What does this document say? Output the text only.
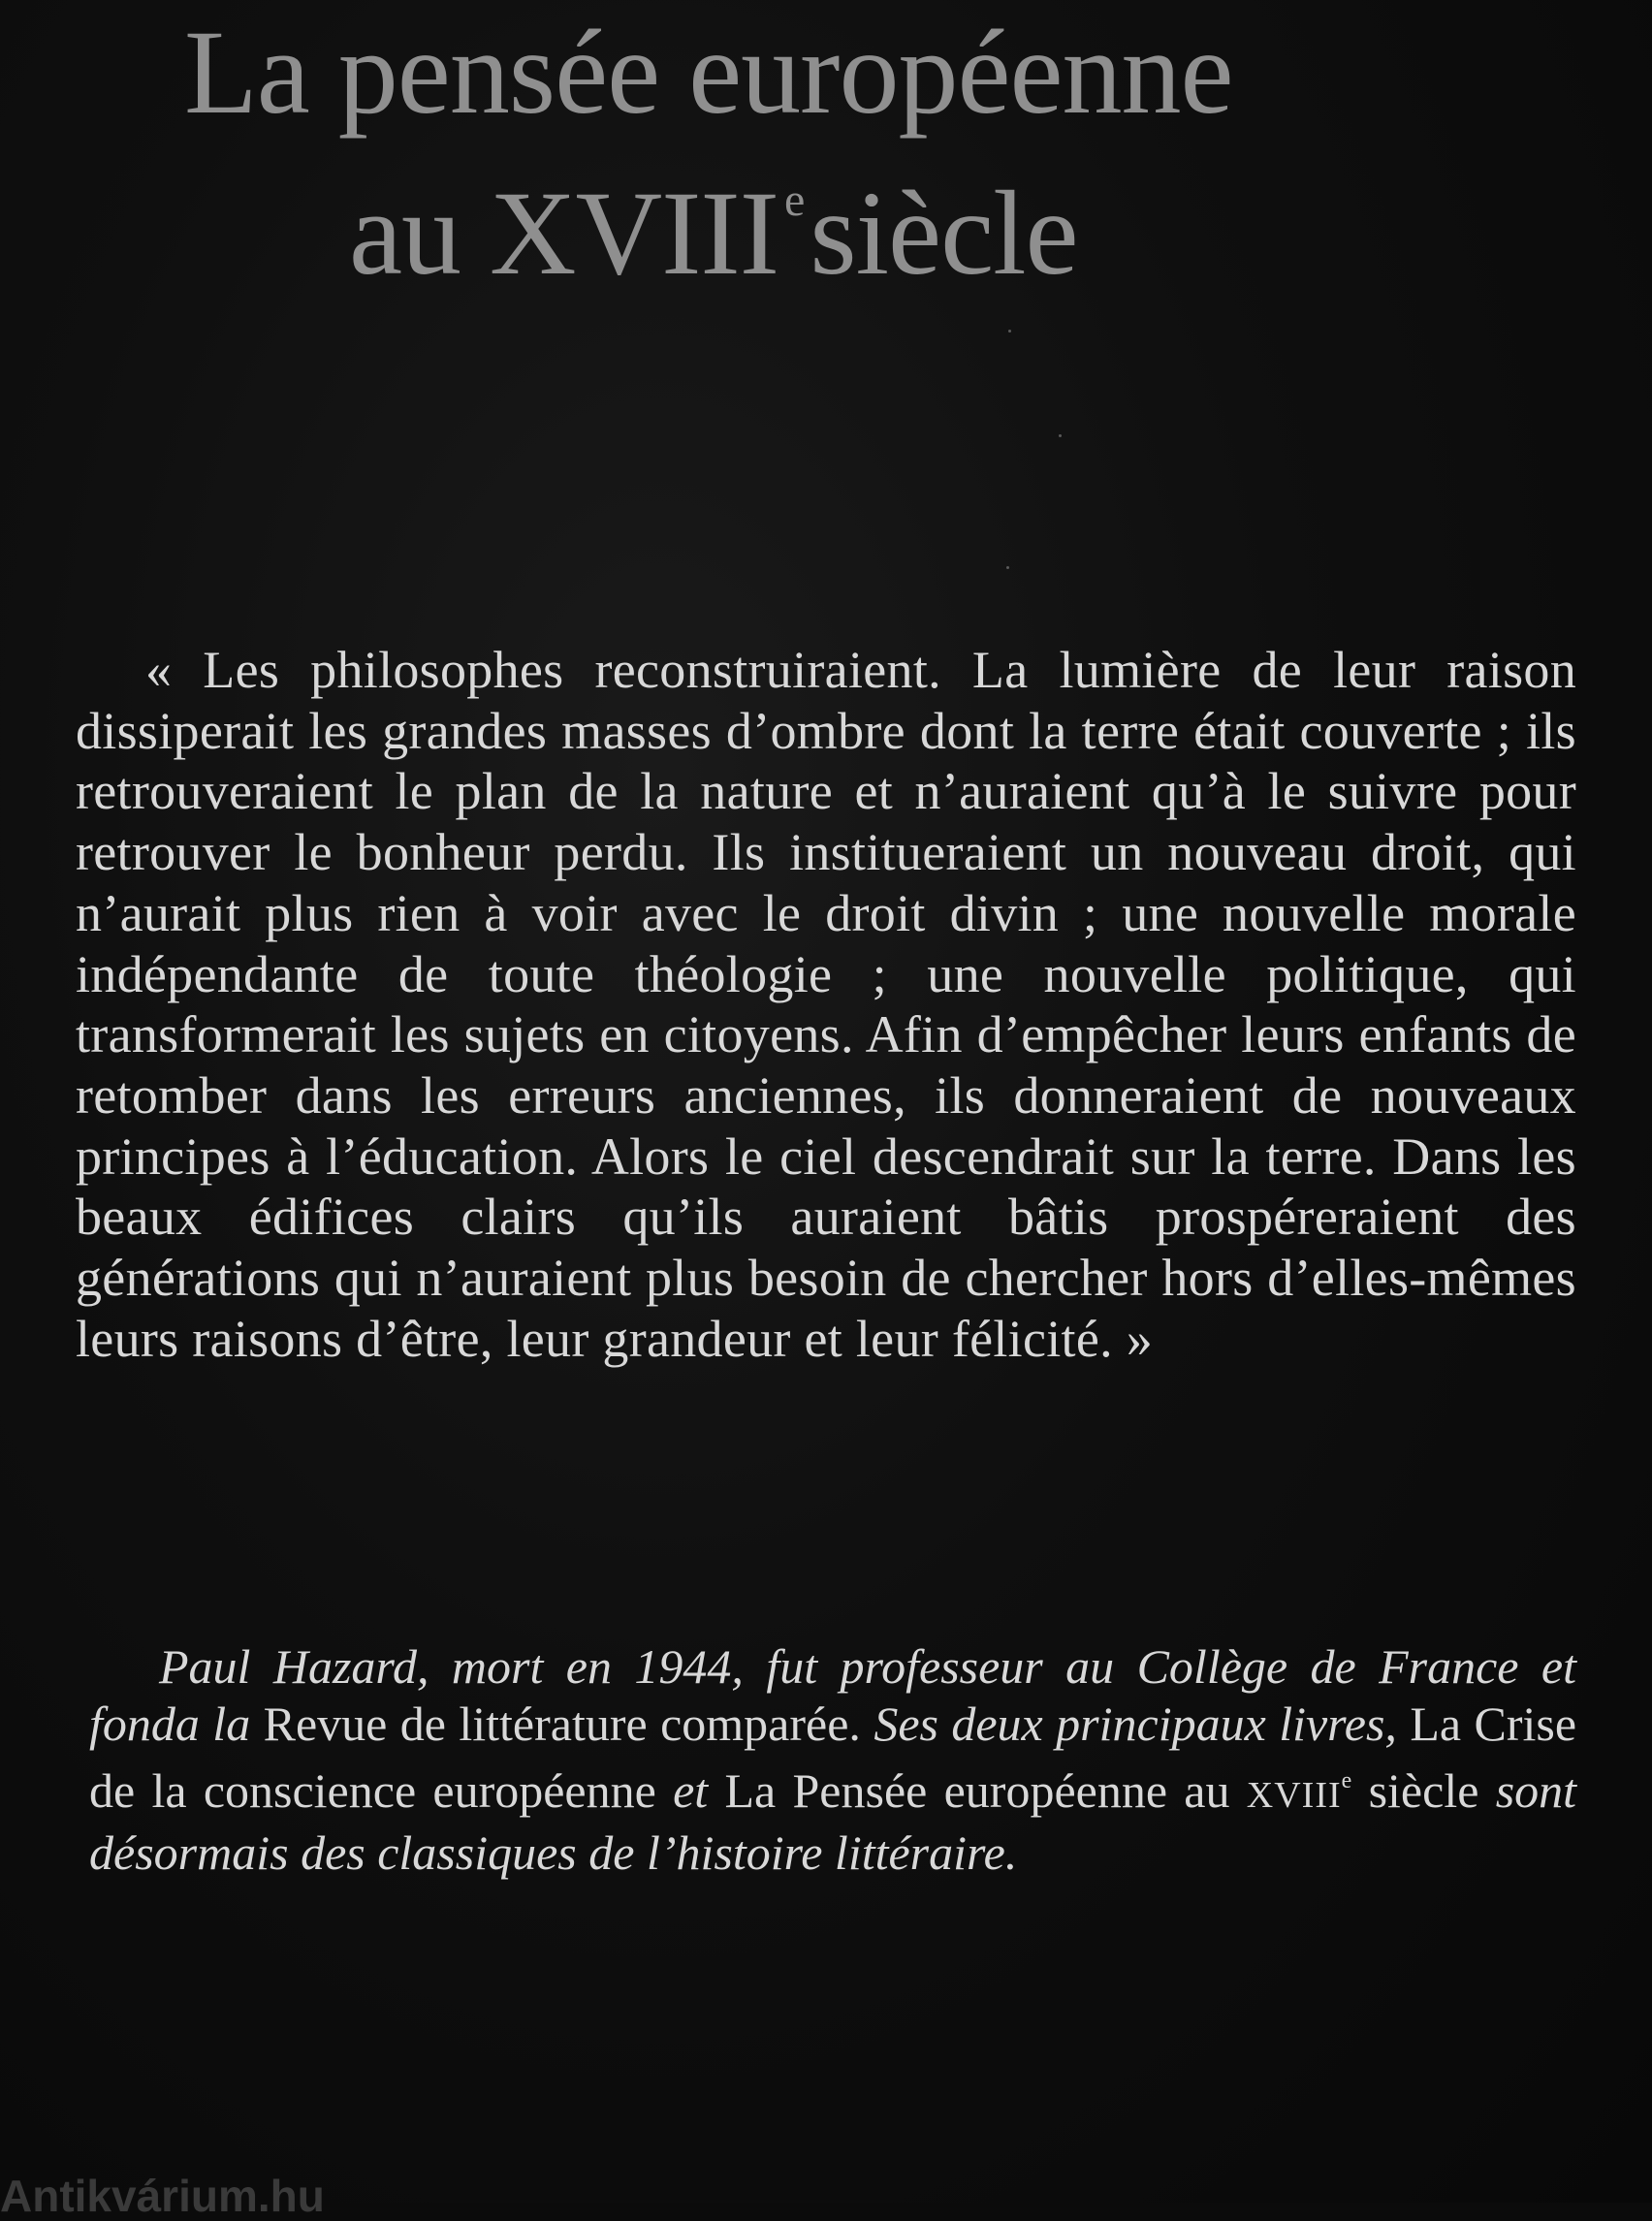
La pensée européenne
au XVIII $^e$siècle

« Les philosophes reconstruiraient. La lumière de leur raison dissiperait les grandes masses d’ombre dont la terre était couverte ; ils retrouveraient le plan de la nature et n’auraient qu’à le suivre pour retrouver le bonheur perdu. Ils institueraient un nouveau droit, qui n’aurait plus rien à voir avec le droit divin ; une nouvelle morale indépendante de toute théologie ; une nouvelle politique, qui transformerait les sujets en citoyens. Afin d’empêcher leurs enfants de retomber dans les erreurs anciennes, ils donneraient de nouveaux principes à l’éducation. Alors le ciel descendrait sur la terre. Dans les beaux édifices clairs qu’ils auraient bâtis prospéreraient des générations qui n’auraient plus besoin de chercher hors d’elles-mêmes leurs raisons d’être, leur grandeur et leur félicité. »

Paul Hazard, mort en 1944, fut professeur au Collège de France et fonda la Revue de littérature comparée. Ses deux principaux livres, La Crise de la conscience européenne et La Pensée européenne au XVIIIe siècle sont désormais des classiques de l’histoire littéraire.

Antikvárium.hu
